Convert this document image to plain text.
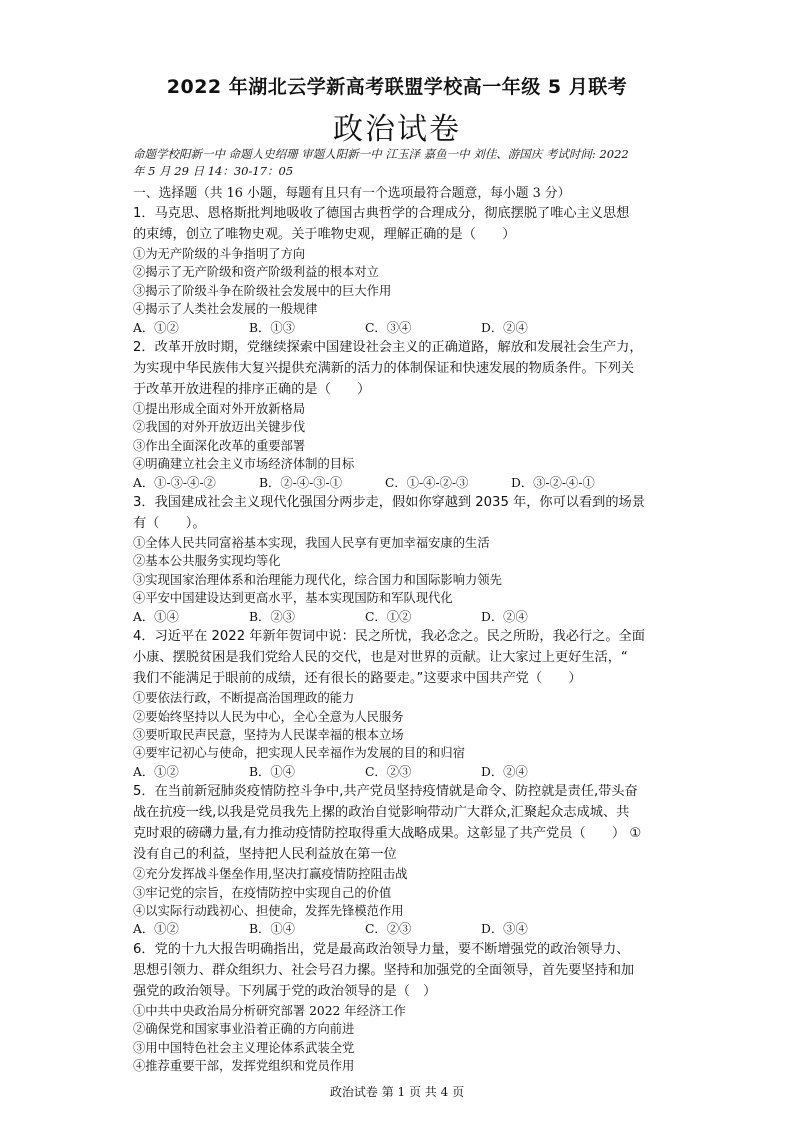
2022 年湖北云学新高考联盟学校高一年级 5 月联考
政治试卷
命题学校阳新一中 命题人史绍珊 审题人阳新一中 江玉泽 嘉鱼一中 刘佳、游国庆 考试时间: 2022
年 5 月 29 日 14：30-17：05
一、选择题（共 16 小题，每题有且只有一个选项最符合题意，每小题 3 分）
1．马克思、恩格斯批判地吸收了德国古典哲学的合理成分，彻底摆脱了唯心主义思想
的束缚，创立了唯物史观。关于唯物史观，理解正确的是（　　）
①为无产阶级的斗争指明了方向
②揭示了无产阶级和资产阶级利益的根本对立
③揭示了阶级斗争在阶级社会发展中的巨大作用
④揭示了人类社会发展的一般规律
A．①②	B．①③	C．③④	D．②④
2．改革开放时期，党继续探索中国建设社会主义的正确道路，解放和发展社会生产力，
为实现中华民族伟大复兴提供充满新的活力的体制保证和快速发展的物质条件。下列关
于改革开放进程的排序正确的是（　　）
①提出形成全面对外开放新格局
②我国的对外开放迈出关键步伐
③作出全面深化改革的重要部署
④明确建立社会主义市场经济体制的目标
A．①-③-④-②	B．②-④-③-①	C．①-④-②-③	D．③-②-④-①
3．我国建成社会主义现代化强国分两步走，假如你穿越到 2035 年，你可以看到的场景
有（　　）。
①全体人民共同富裕基本实现，我国人民享有更加幸福安康的生活
②基本公共服务实现均等化
③实现国家治理体系和治理能力现代化，综合国力和国际影响力领先
④平安中国建设达到更高水平，基本实现国防和军队现代化
A．①④	B．②③	C．①②	D．②④
4．习近平在 2022 年新年贺词中说：民之所忧，我必念之。民之所盼，我必行之。全面
小康、摆脱贫困是我们党给人民的交代，也是对世界的贡献。让大家过上更好生活，“
我们不能满足于眼前的成绩，还有很长的路要走。”这要求中国共产党（　　）
①要依法行政，不断提高治国理政的能力
②要始终坚持以人民为中心，全心全意为人民服务
③要听取民声民意，坚持为人民谋幸福的根本立场
④要牢记初心与使命，把实现人民幸福作为发展的目的和归宿
A．①②	B．①④	C．②③	D．②④
5．在当前新冠肺炎疫情防控斗争中,共产党员坚持疫情就是命令、防控就是责任,带头奋
战在抗疫一线,以我是党员我先上摞的政治自觉影响带动广大群众,汇聚起众志成城、共
克时艰的磅礴力量,有力推动疫情防控取得重大战略成果。这彰显了共产党员（　　） ①
没有自己的利益，坚持把人民利益放在第一位
②充分发挥战斗堡垒作用,坚决打赢疫情防控阻击战
③牢记党的宗旨，在疫情防控中实现自己的价值
④以实际行动践初心、担使命，发挥先锋模范作用
A．①②	B．①④	C．②③	D．③④
6．党的十九大报告明确指出，党是最高政治领导力量，要不断增强党的政治领导力、
思想引领力、群众组织力、社会号召力摞。坚持和加强党的全面领导，首先要坚持和加
强党的政治领导。下列属于党的政治领导的是（　）
①中共中央政治局分析研究部署 2022 年经济工作
②确保党和国家事业沿着正确的方向前进
③用中国特色社会主义理论体系武装全党
④推荐重要干部，发挥党组织和党员作用
政治试卷 第 1 页 共 4 页
